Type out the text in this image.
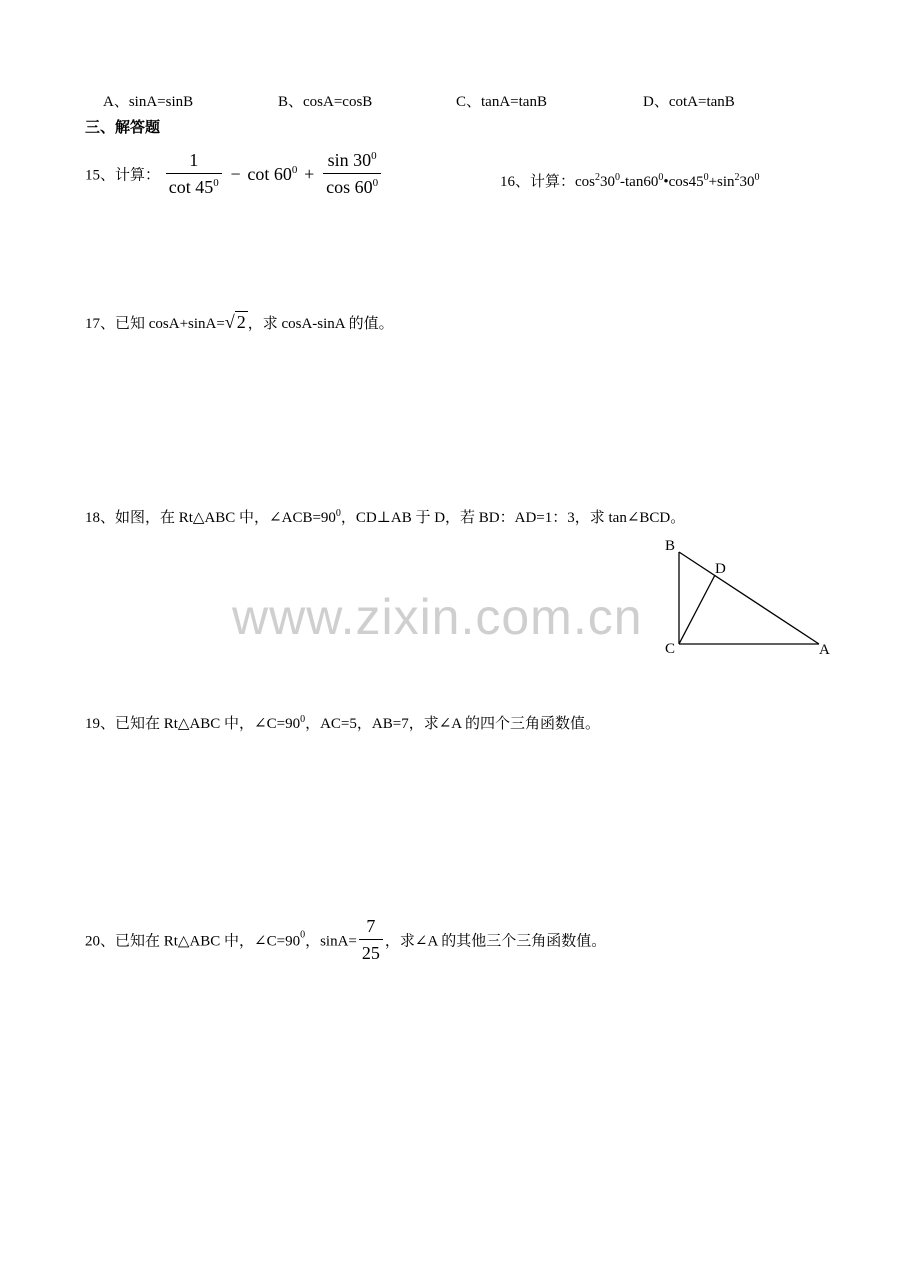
A、sinA=sinB	B、cosA=cosB	C、tanA=tanB	D、cotA=tanB
三、解答题
15、计算： $\frac{1}{\cot 45^0} - \cot 60^0 + \frac{\sin 30^0}{\cos 60^0}$	16、计算：$\cos^230^0-\tan 60^0•\cos 45^0+\sin^230^0$
17、已知 cosA+sinA=√ 2 ，求 cosA-sinA 的值。
18、如图，在 Rt△ABC 中，$\angle ACB=90^0$，CD⊥AB 于 D，若 BD：AD=1：3，求 tan∠BCD。
www.zixin.com.cn
B
D
C	A
19、已知在 Rt△ABC 中，$\angle C=90^0$，AC=5，AB=7，求∠A 的四个三角函数值。
20、已知在 Rt△ABC 中，$\angle C=90^0$，$\sin A= \frac{7}{25}$ ，求∠A 的其他三个三角函数值。
